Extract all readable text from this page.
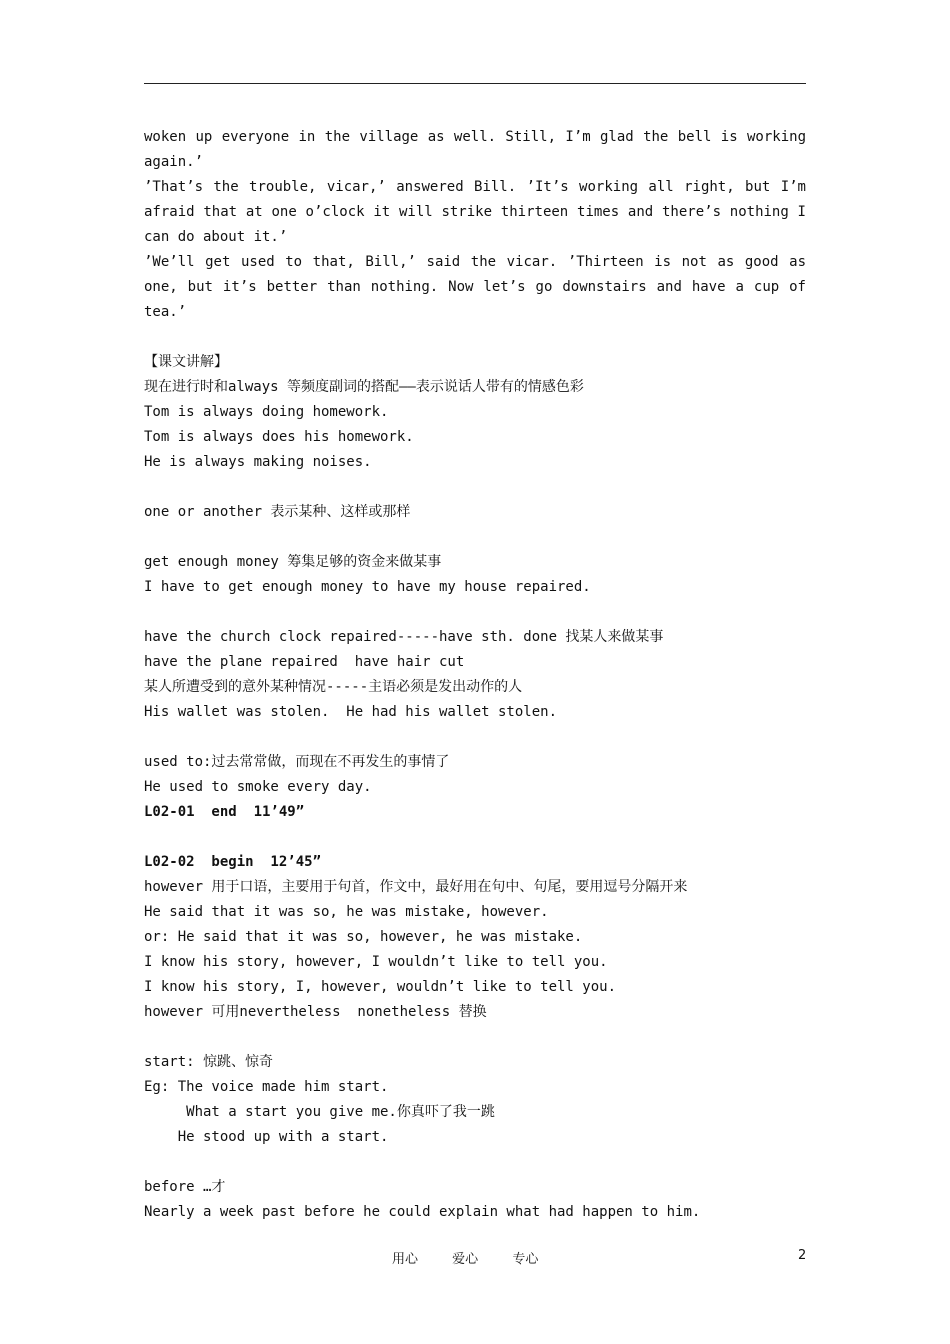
woken up everyone in the village as well. Still, I’m glad the bell is working
again.’
’That’s the trouble, vicar,’ answered Bill. ’It’s working all right, but I’m
afraid that at one o’clock it will strike thirteen times and there’s nothing I
can do about it.’
’We’ll get used to that, Bill,’ said the vicar. ’Thirteen is not as good as
one, but it’s better than nothing. Now let’s go downstairs and have a cup of
tea.’
【课文讲解】
现在进行时和always 等频度副词的搭配——表示说话人带有的情感色彩
Tom is always doing homework.
Tom is always does his homework.
He is always making noises.
one or another 表示某种、这样或那样
get enough money 筹集足够的资金来做某事
I have to get enough money to have my house repaired.
have the church clock repaired-----have sth. done 找某人来做某事
have the plane repaired  have hair cut
某人所遭受到的意外某种情况-----主语必须是发出动作的人
His wallet was stolen.  He had his wallet stolen.
used to:过去常常做，而现在不再发生的事情了
He used to smoke every day.
L02-01  end  11’49”
L02-02  begin  12’45”
however 用于口语，主要用于句首，作文中，最好用在句中、句尾，要用逗号分隔开来
He said that it was so, he was mistake, however.
or: He said that it was so, however, he was mistake.
I know his story, however, I wouldn’t like to tell you.
I know his story, I, however, wouldn’t like to tell you.
however 可用nevertheless  nonetheless 替换
start: 惊跳、惊奇
Eg: The voice made him start.
What a start you give me.你真吓了我一跳
He stood up with a start.
before …才
Nearly a week past before he could explain what had happen to him.
用心	爱心	专心	2
